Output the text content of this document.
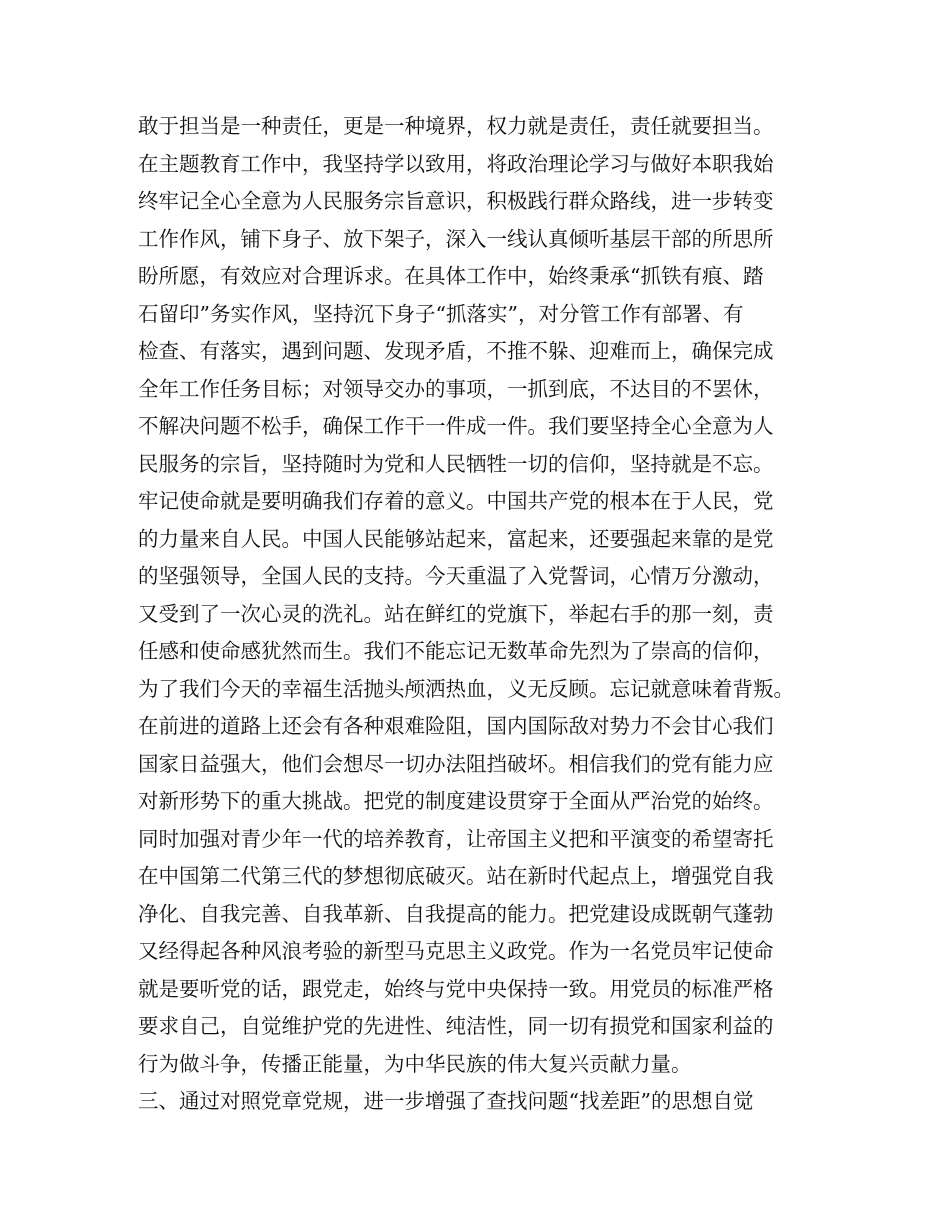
敢于担当是一种责任，更是一种境界，权力就是责任，责任就要担当。
在主题教育工作中，我坚持学以致用，将政治理论学习与做好本职我始
终牢记全心全意为人民服务宗旨意识，积极践行群众路线，进一步转变
工作作风，铺下身子、放下架子，深入一线认真倾听基层干部的所思所
盼所愿，有效应对合理诉求。在具体工作中，始终秉承“抓铁有痕、踏
石留印”务实作风，坚持沉下身子“抓落实”，对分管工作有部署、有
检查、有落实，遇到问题、发现矛盾，不推不躲、迎难而上，确保完成
全年工作任务目标；对领导交办的事项，一抓到底，不达目的不罢休，
不解决问题不松手，确保工作干一件成一件。我们要坚持全心全意为人
民服务的宗旨，坚持随时为党和人民牺牲一切的信仰，坚持就是不忘。
牢记使命就是要明确我们存着的意义。中国共产党的根本在于人民，党
的力量来自人民。中国人民能够站起来，富起来，还要强起来靠的是党
的坚强领导，全国人民的支持。今天重温了入党誓词，心情万分激动，
又受到了一次心灵的洗礼。站在鲜红的党旗下，举起右手的那一刻，责
任感和使命感犹然而生。我们不能忘记无数革命先烈为了崇高的信仰，
为了我们今天的幸福生活抛头颅洒热血，义无反顾。忘记就意味着背叛。
在前进的道路上还会有各种艰难险阻，国内国际敌对势力不会甘心我们
国家日益强大，他们会想尽一切办法阻挡破坏。相信我们的党有能力应
对新形势下的重大挑战。把党的制度建设贯穿于全面从严治党的始终。
同时加强对青少年一代的培养教育，让帝国主义把和平演变的希望寄托
在中国第二代第三代的梦想彻底破灭。站在新时代起点上，增强党自我
净化、自我完善、自我革新、自我提高的能力。把党建设成既朝气蓬勃
又经得起各种风浪考验的新型马克思主义政党。作为一名党员牢记使命
就是要听党的话，跟党走，始终与党中央保持一致。用党员的标准严格
要求自己，自觉维护党的先进性、纯洁性，同一切有损党和国家利益的
行为做斗争，传播正能量，为中华民族的伟大复兴贡献力量。
三、通过对照党章党规，进一步增强了查找问题“找差距”的思想自觉
